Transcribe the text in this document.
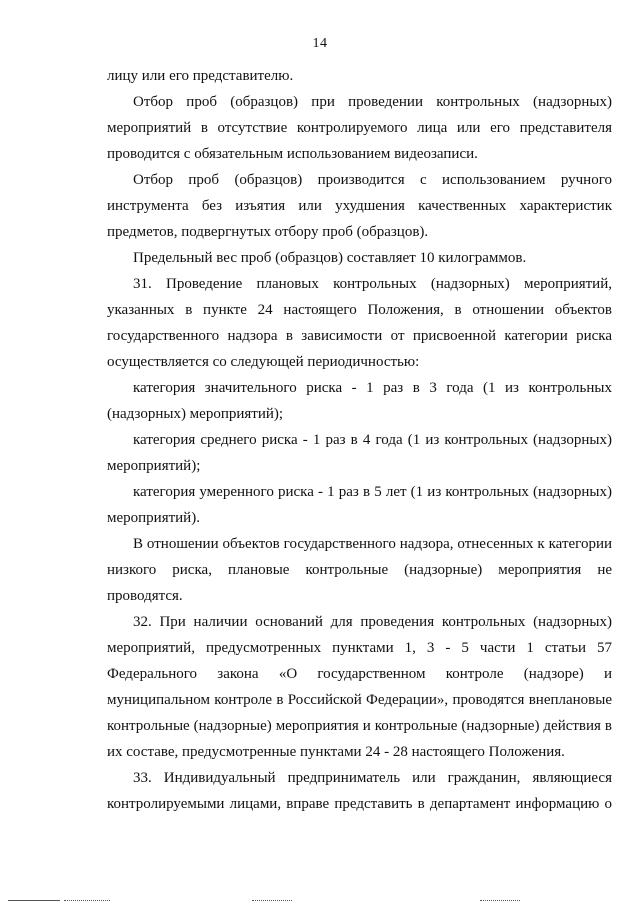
14

лицу или его представителю.

Отбор проб (образцов) при проведении контрольных (надзорных) мероприятий в отсутствие контролируемого лица или его представителя проводится с обязательным использованием видеозаписи.

Отбор проб (образцов) производится с использованием ручного инструмента без изъятия или ухудшения качественных характеристик предметов, подвергнутых отбору проб (образцов).

Предельный вес проб (образцов) составляет 10 килограммов.

31. Проведение плановых контрольных (надзорных) мероприятий, указанных в пункте 24 настоящего Положения, в отношении объектов государственного надзора в зависимости от присвоенной категории риска осуществляется со следующей периодичностью:

категория значительного риска - 1 раз в 3 года (1 из контрольных (надзорных) мероприятий);

категория среднего риска - 1 раз в 4 года (1 из контрольных (надзорных) мероприятий);

категория умеренного риска - 1 раз в 5 лет (1 из контрольных (надзорных) мероприятий).

В отношении объектов государственного надзора, отнесенных к категории низкого риска, плановые контрольные (надзорные) мероприятия не проводятся.

32. При наличии оснований для проведения контрольных (надзорных) мероприятий, предусмотренных пунктами 1, 3 - 5 части 1 статьи 57 Федерального закона «О государственном контроле (надзоре) и муниципальном контроле в Российской Федерации», проводятся внеплановые контрольные (надзорные) мероприятия и контрольные (надзорные) действия в их составе, предусмотренные пунктами 24 - 28 настоящего Положения.

33. Индивидуальный предприниматель или гражданин, являющиеся контролируемыми лицами, вправе представить в департамент информацию о
